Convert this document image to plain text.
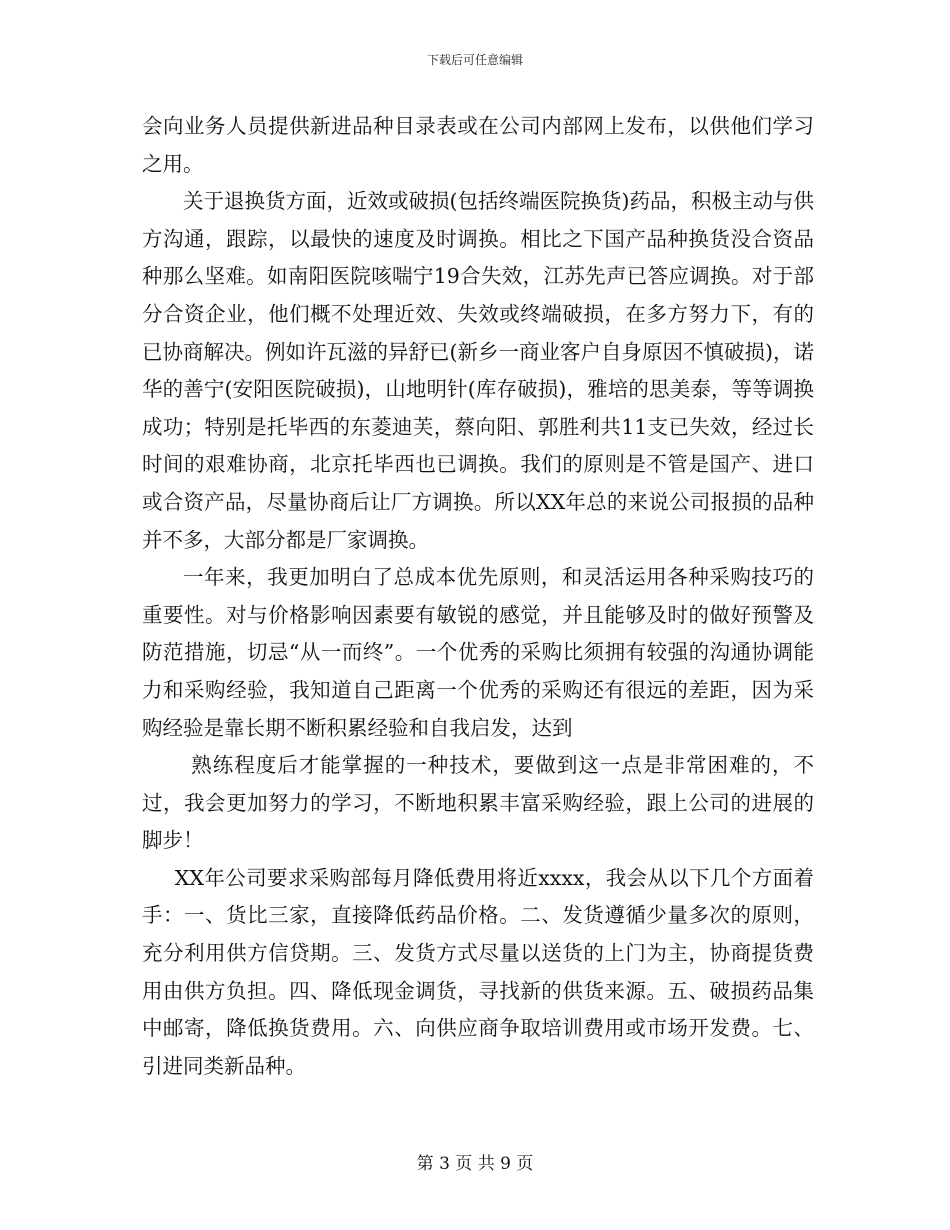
下载后可任意编辑

会向业务人员提供新进品种目录表或在公司内部网上发布，以供他们学习之用。

关于退换货方面，近效或破损(包括终端医院换货)药品，积极主动与供方沟通，跟踪，以最快的速度及时调换。相比之下国产品种换货没合资品种那么坚难。如南阳医院咳喘宁19合失效，江苏先声已答应调换。对于部分合资企业，他们概不处理近效、失效或终端破损，在多方努力下，有的已协商解决。例如许瓦滋的异舒已(新乡一商业客户自身原因不慎破损)，诺华的善宁(安阳医院破损)，山地明针(库存破损)，雅培的思美泰，等等调换成功；特别是托毕西的东菱迪芙，蔡向阳、郭胜利共11支已失效，经过长时间的艰难协商，北京托毕西也已调换。我们的原则是不管是国产、进口或合资产品，尽量协商后让厂方调换。所以XX年总的来说公司报损的品种并不多，大部分都是厂家调换。

一年来，我更加明白了总成本优先原则，和灵活运用各种采购技巧的重要性。对与价格影响因素要有敏锐的感觉，并且能够及时的做好预警及防范措施，切忌“从一而终”。一个优秀的采购比须拥有较强的沟通协调能力和采购经验，我知道自己距离一个优秀的采购还有很远的差距，因为采购经验是靠长期不断积累经验和自我启发，达到

熟练程度后才能掌握的一种技术，要做到这一点是非常困难的，不过，我会更加努力的学习，不断地积累丰富采购经验，跟上公司的进展的脚步！

XX年公司要求采购部每月降低费用将近xxxx，我会从以下几个方面着手：一、货比三家，直接降低药品价格。二、发货遵循少量多次的原则，充分利用供方信贷期。三、发货方式尽量以送货的上门为主，协商提货费用由供方负担。四、降低现金调货，寻找新的供货来源。五、破损药品集中邮寄，降低换货费用。六、向供应商争取培训费用或市场开发费。七、引进同类新品种。

第 3 页 共 9 页
